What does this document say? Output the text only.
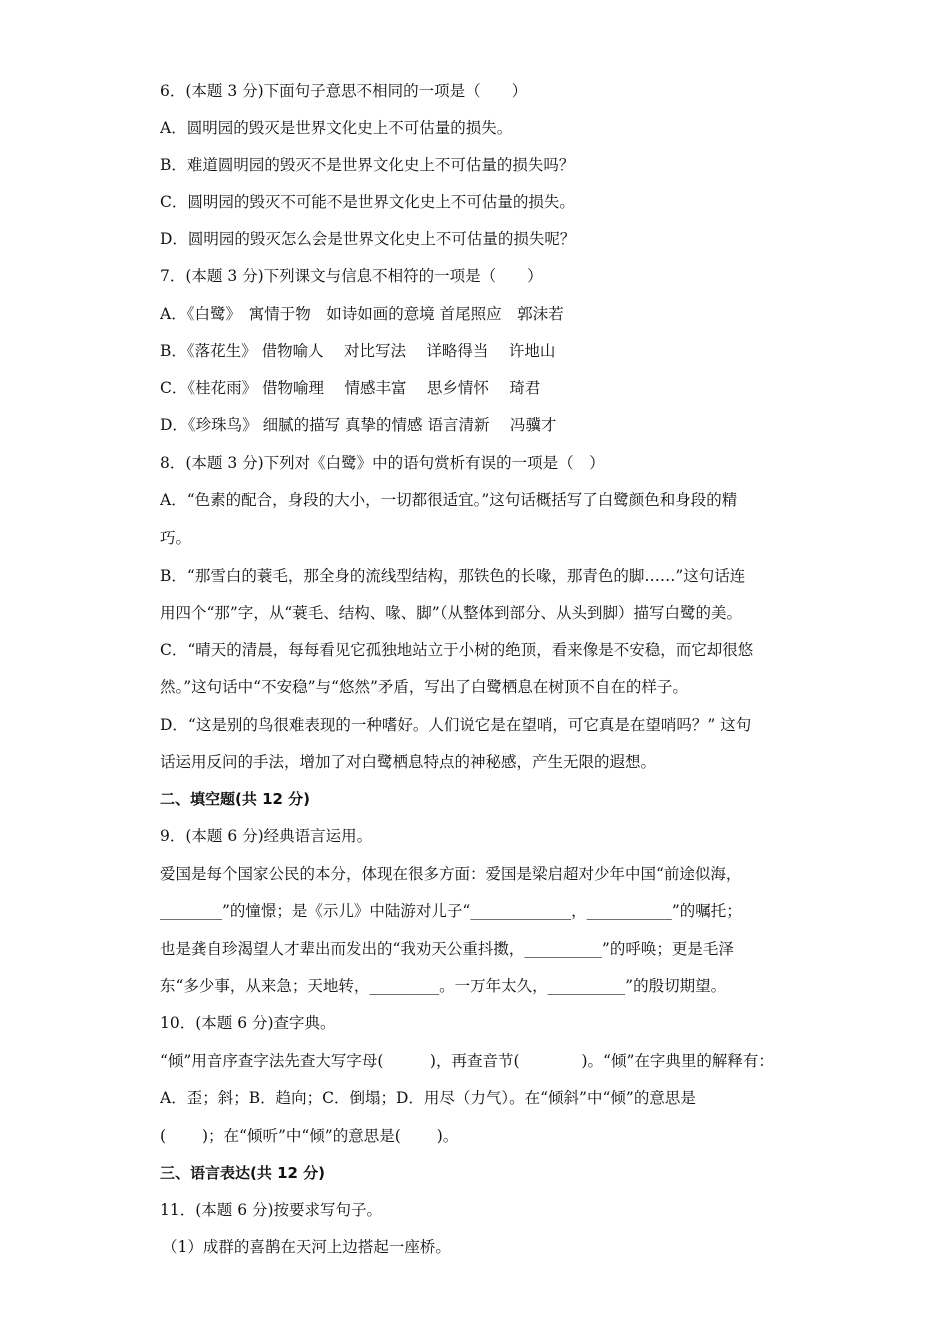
6．(本题 3 分)下面句子意思不相同的一项是（　　）
A．圆明园的毁灭是世界文化史上不可估量的损失。
B．难道圆明园的毁灭不是世界文化史上不可估量的损失吗？
C．圆明园的毁灭不可能不是世界文化史上不可估量的损失。
D．圆明园的毁灭怎么会是世界文化史上不可估量的损失呢？
7．(本题 3 分)下列课文与信息不相符的一项是（　　）
A．《白鹭》　寓情于物　如诗如画的意境 首尾照应　郭沫若
B．《落花生》 借物喻人　 对比写法　 详略得当　 许地山
C．《桂花雨》 借物喻理　 情感丰富　 思乡情怀　 琦君
D．《珍珠鸟》 细腻的描写 真挚的情感 语言清新　 冯骥才
8．(本题 3 分)下列对《白鹭》中的语句赏析有误的一项是（　）
A．“色素的配合，身段的大小，一切都很适宜。”这句话概括写了白鹭颜色和身段的精
巧。
B．“那雪白的蓑毛，那全身的流线型结构，那铁色的长喙，那青色的脚……”这句话连
用四个“那”字，从“蓑毛、结构、喙、脚”（从整体到部分、从头到脚）描写白鹭的美。
C．“晴天的清晨，每每看见它孤独地站立于小树的绝顶，看来像是不安稳，而它却很悠
然。”这句话中“不安稳”与“悠然”矛盾，写出了白鹭栖息在树顶不自在的样子。
D．“这是别的鸟很难表现的一种嗜好。人们说它是在望哨，可它真是在望哨吗？” 这句
话运用反问的手法，增加了对白鹭栖息特点的神秘感，产生无限的遐想。
二、填空题(共 12 分)
9．(本题 6 分)经典语言运用。
爱国是每个国家公民的本分，体现在很多方面：爱国是梁启超对少年中国“前途似海，
________”的憧憬；是《示儿》中陆游对儿子“_____________，___________”的嘱托；
也是龚自珍渴望人才辈出而发出的“我劝天公重抖擞，__________”的呼唤；更是毛泽
东“多少事，从来急；天地转，_________。一万年太久，__________”的殷切期望。
10．(本题 6 分)查字典。
“倾”用音序查字法先查大写字母(　　　)，再查音节(　　　　)。“倾”在字典里的解释有：
A．歪；斜；B．趋向；C．倒塌；D．用尽（力气）。在“倾斜”中“倾”的意思是
(　　 )；在“倾听”中“倾”的意思是(　　 )。
三、语言表达(共 12 分)
11．(本题 6 分)按要求写句子。
（1）成群的喜鹊在天河上边搭起一座桥。
